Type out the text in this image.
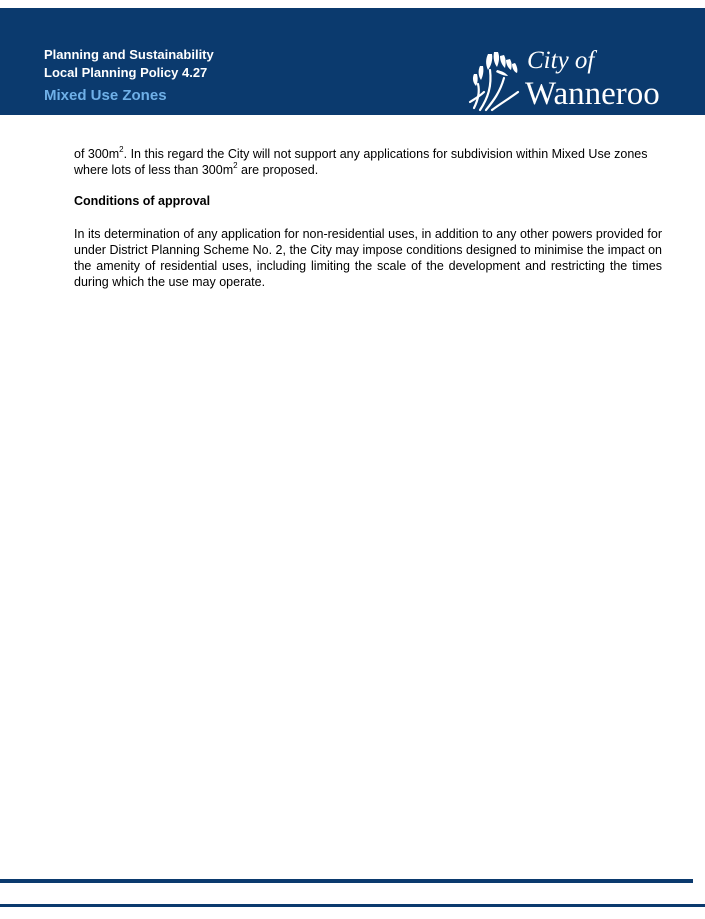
Planning and Sustainability

Local Planning Policy 4.27

Mixed Use Zones

City of

Wanneroo

of $300m^2$. In this regard the City will not support any applications for subdivision within Mixed Use zones where lots of less than $300m^2$ are proposed.

Conditions of approval

In its determination of any application for non-residential uses, in addition to any other powers provided for under District Planning Scheme No. 2, the City may impose conditions designed to minimise the impact on the amenity of residential uses, including limiting the scale of the development and restricting the times during which the use may operate.
